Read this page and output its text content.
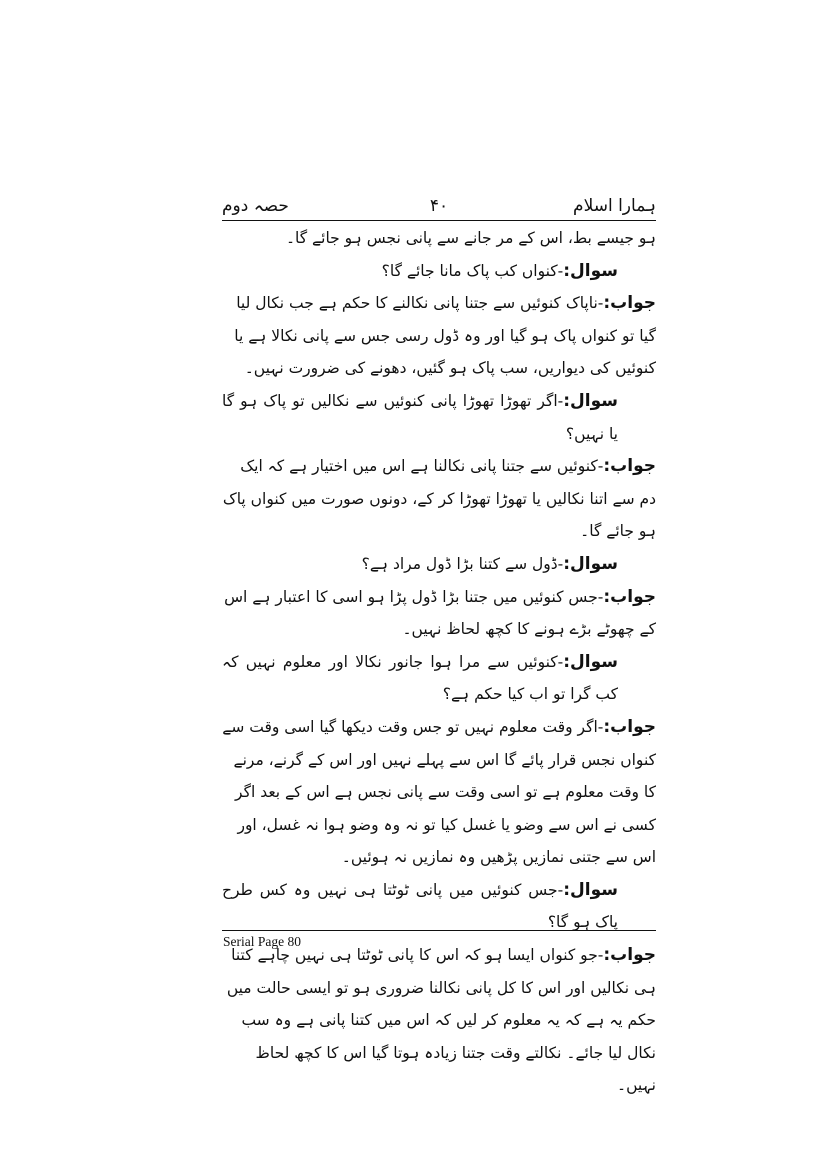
ہمارا اسلام
۴۰
حصہ دوم

ہو جیسے بط، اس کے مر جانے سے پانی نجس ہو جائے گا۔

سوال:-کنواں کب پاک مانا جائے گا؟

جواب:-ناپاک کنوئیں سے جتنا پانی نکالنے کا حکم ہے جب نکال لیا گیا تو کنواں پاک ہو گیا اور وہ ڈول رسی جس سے پانی نکالا ہے یا کنوئیں کی دیواریں، سب پاک ہو گئیں، دھونے کی ضرورت نہیں۔

سوال:-اگر تھوڑا تھوڑا پانی کنوئیں سے نکالیں تو پاک ہو گا یا نہیں؟

جواب:-کنوئیں سے جتنا پانی نکالنا ہے اس میں اختیار ہے کہ ایک دم سے اتنا نکالیں یا تھوڑا تھوڑا کر کے، دونوں صورت میں کنواں پاک ہو جائے گا۔

سوال:-ڈول سے کتنا بڑا ڈول مراد ہے؟

جواب:-جس کنوئیں میں جتنا بڑا ڈول پڑا ہو اسی کا اعتبار ہے اس کے چھوٹے بڑے ہونے کا کچھ لحاظ نہیں۔

سوال:-کنوئیں سے مرا ہوا جانور نکالا اور معلوم نہیں کہ کب گرا تو اب کیا حکم ہے؟

جواب:-اگر وقت معلوم نہیں تو جس وقت دیکھا گیا اسی وقت سے کنواں نجس قرار پائے گا اس سے پہلے نہیں اور اس کے گرنے، مرنے کا وقت معلوم ہے تو اسی وقت سے پانی نجس ہے اس کے بعد اگر کسی نے اس سے وضو یا غسل کیا تو نہ وہ وضو ہوا نہ غسل، اور اس سے جتنی نمازیں پڑھیں وہ نمازیں نہ ہوئیں۔

سوال:-جس کنوئیں میں پانی ٹوٹتا ہی نہیں وہ کس طرح پاک ہو گا؟

جواب:-جو کنواں ایسا ہو کہ اس کا پانی ٹوٹتا ہی نہیں چاہے کتنا ہی نکالیں اور اس کا کل پانی نکالنا ضروری ہو تو ایسی حالت میں حکم یہ ہے کہ یہ معلوم کر لیں کہ اس میں کتنا پانی ہے وہ سب نکال لیا جائے۔ نکالتے وقت جتنا زیادہ ہوتا گیا اس کا کچھ لحاظ نہیں۔

Serial Page 80
